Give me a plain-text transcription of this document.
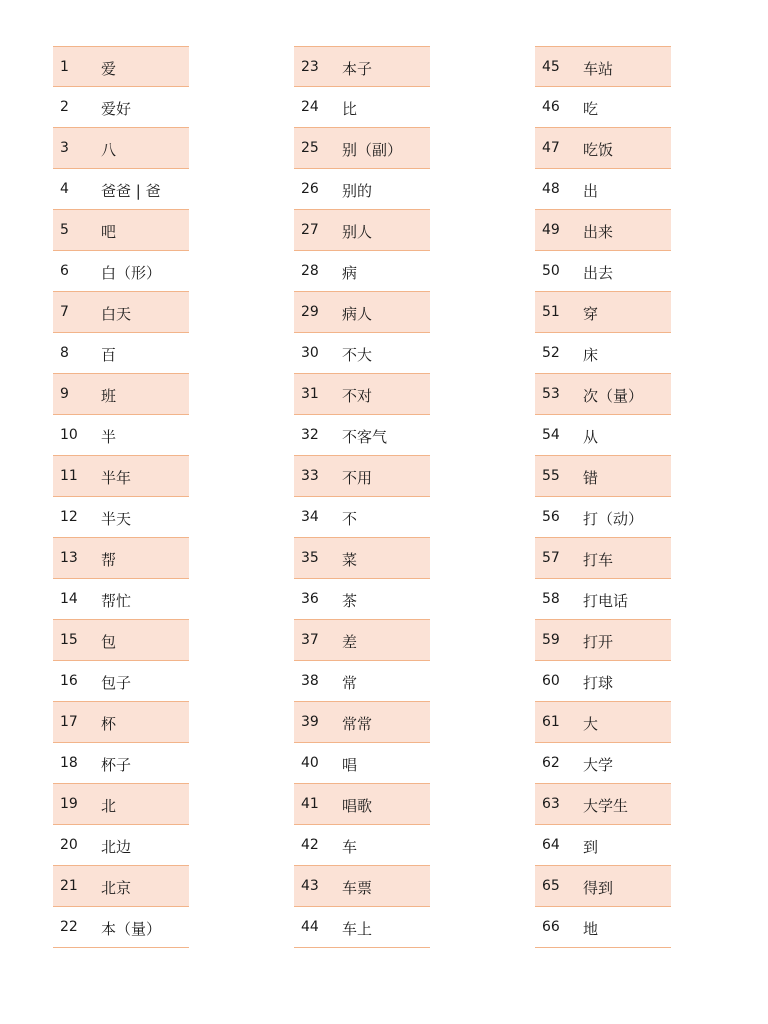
1 爱
2 爱好
3 八
4 爸爸 | 爸
5 吧
6 白（形）
7 白天
8 百
9 班
10 半
11 半年
12 半天
13 帮
14 帮忙
15 包
16 包子
17 杯
18 杯子
19 北
20 北边
21 北京
22 本（量）
23 本子
24 比
25 别（副）
26 别的
27 别人
28 病
29 病人
30 不大
31 不对
32 不客气
33 不用
34 不
35 菜
36 茶
37 差
38 常
39 常常
40 唱
41 唱歌
42 车
43 车票
44 车上
45 车站
46 吃
47 吃饭
48 出
49 出来
50 出去
51 穿
52 床
53 次（量）
54 从
55 错
56 打（动）
57 打车
58 打电话
59 打开
60 打球
61 大
62 大学
63 大学生
64 到
65 得到
66 地
